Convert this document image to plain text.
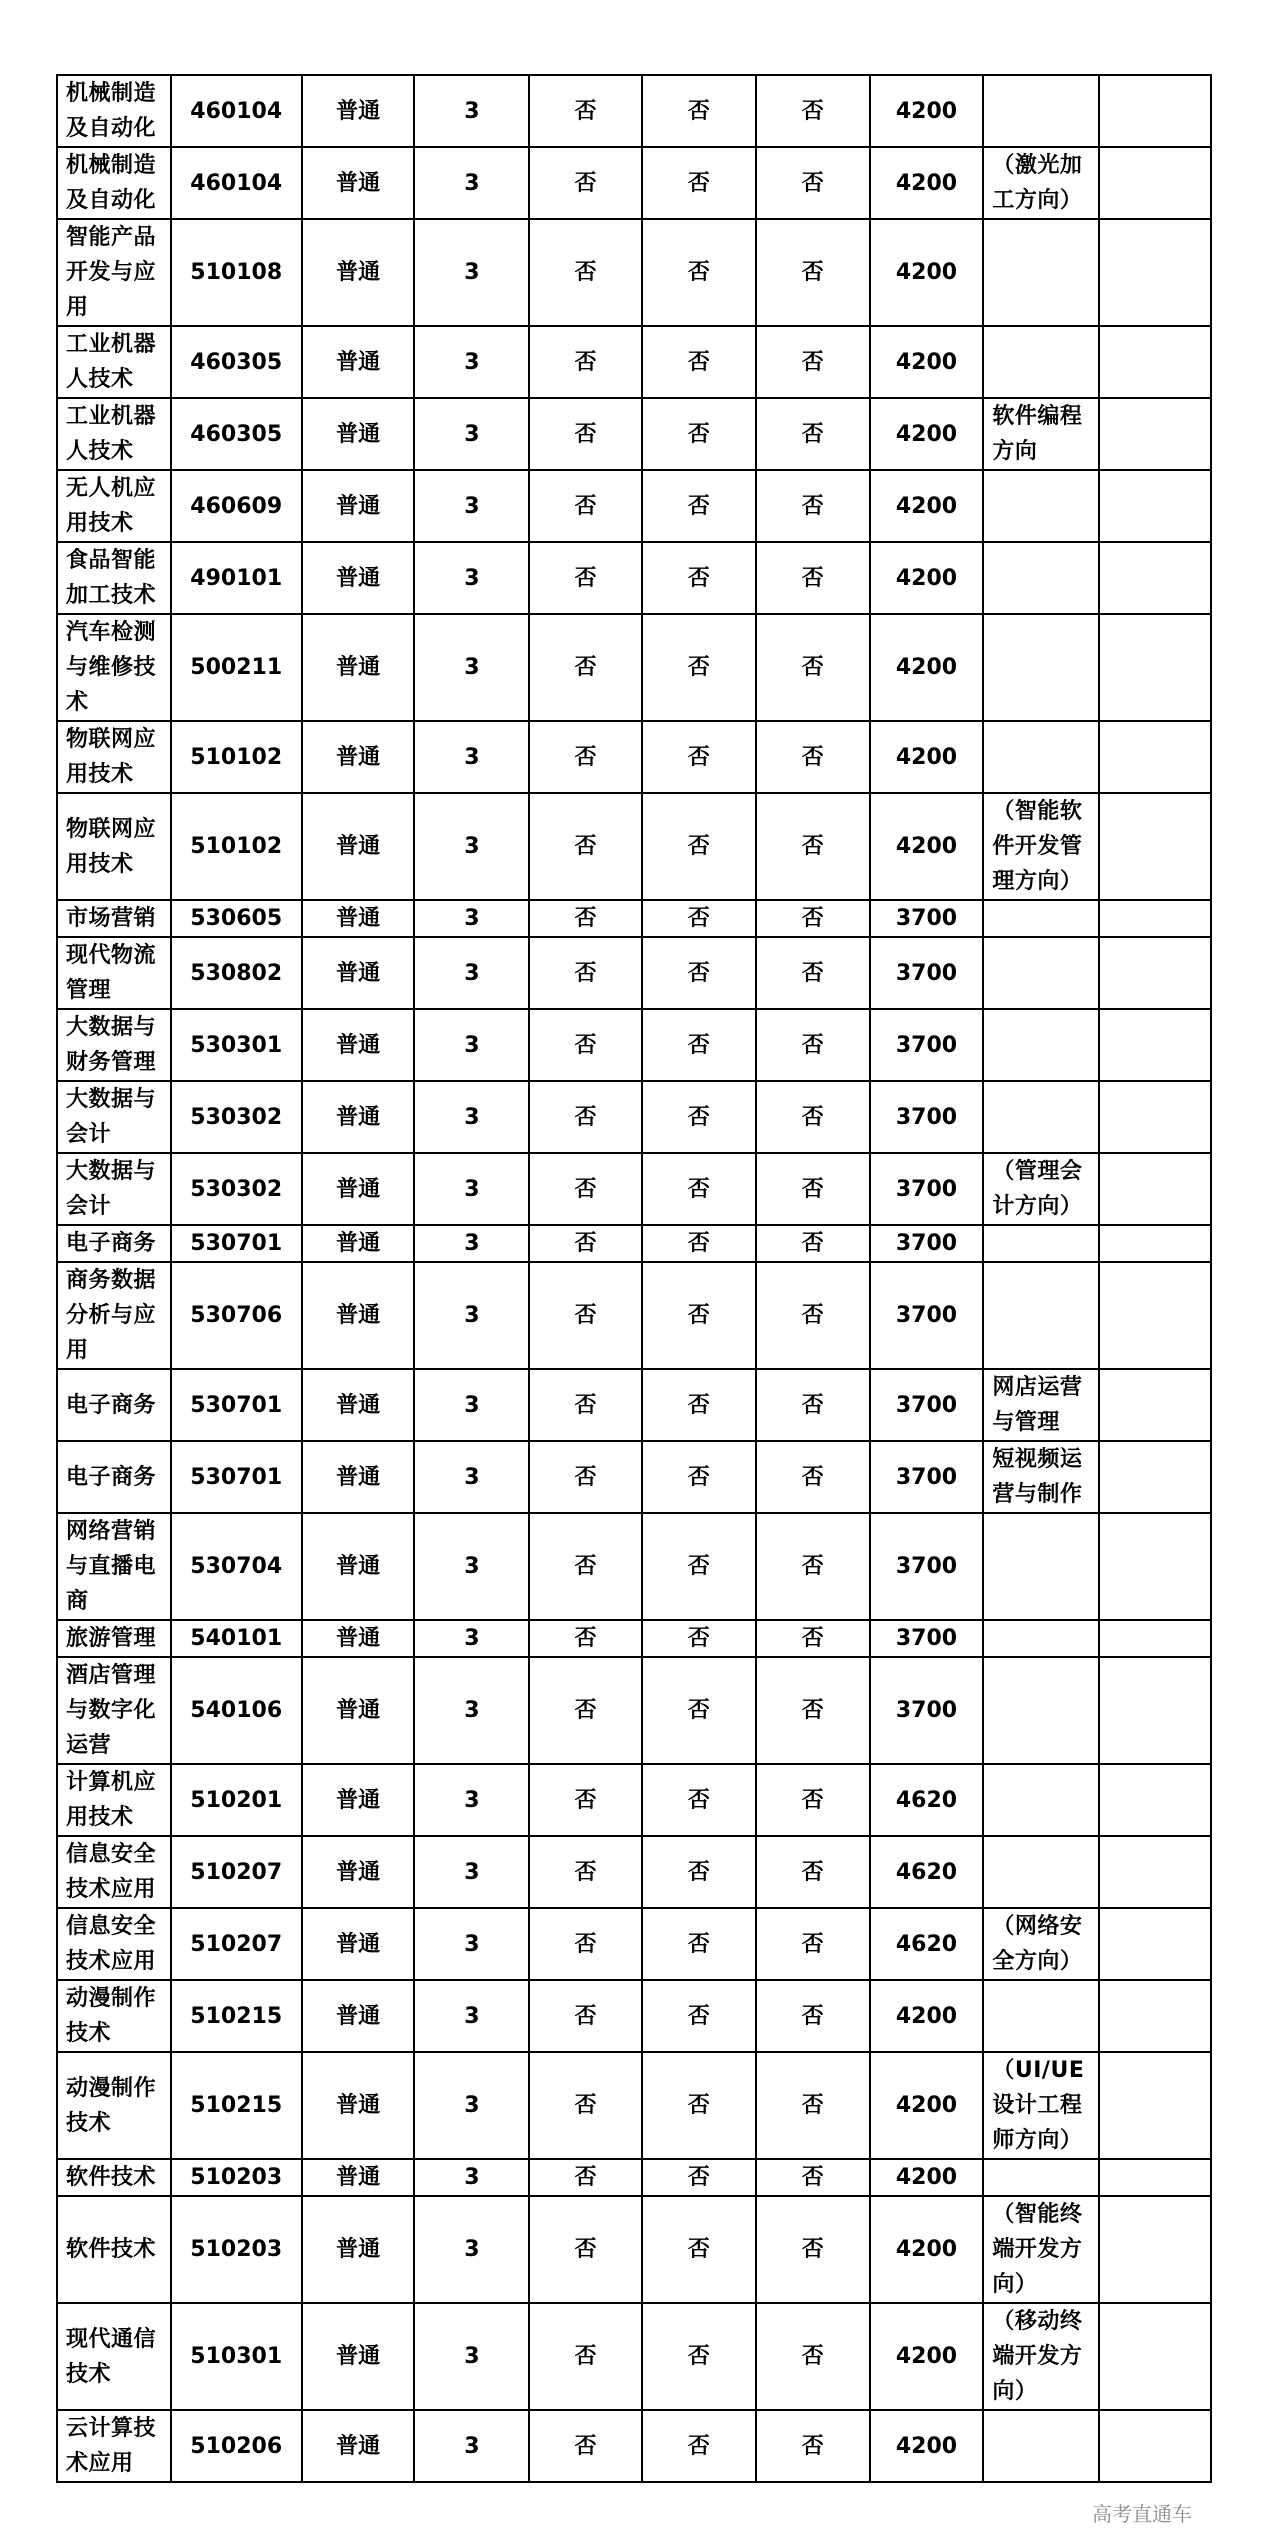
机械制造及自动化	460104	普通	3	否	否	否	4200		
机械制造及自动化	460104	普通	3	否	否	否	4200	（激光加工方向）	
智能产品开发与应用	510108	普通	3	否	否	否	4200		
工业机器人技术	460305	普通	3	否	否	否	4200		
工业机器人技术	460305	普通	3	否	否	否	4200	软件编程方向	
无人机应用技术	460609	普通	3	否	否	否	4200		
食品智能加工技术	490101	普通	3	否	否	否	4200		
汽车检测与维修技术	500211	普通	3	否	否	否	4200		
物联网应用技术	510102	普通	3	否	否	否	4200		
物联网应用技术	510102	普通	3	否	否	否	4200	（智能软件开发管理方向）	
市场营销	530605	普通	3	否	否	否	3700		
现代物流管理	530802	普通	3	否	否	否	3700		
大数据与财务管理	530301	普通	3	否	否	否	3700		
大数据与会计	530302	普通	3	否	否	否	3700		
大数据与会计	530302	普通	3	否	否	否	3700	（管理会计方向）	
电子商务	530701	普通	3	否	否	否	3700		
商务数据分析与应用	530706	普通	3	否	否	否	3700		
电子商务	530701	普通	3	否	否	否	3700	网店运营与管理	
电子商务	530701	普通	3	否	否	否	3700	短视频运营与制作	
网络营销与直播电商	530704	普通	3	否	否	否	3700		
旅游管理	540101	普通	3	否	否	否	3700		
酒店管理与数字化运营	540106	普通	3	否	否	否	3700		
计算机应用技术	510201	普通	3	否	否	否	4620		
信息安全技术应用	510207	普通	3	否	否	否	4620		
信息安全技术应用	510207	普通	3	否	否	否	4620	（网络安全方向）	
动漫制作技术	510215	普通	3	否	否	否	4200		
动漫制作技术	510215	普通	3	否	否	否	4200	（UI/UE设计工程师方向）	
软件技术	510203	普通	3	否	否	否	4200		
软件技术	510203	普通	3	否	否	否	4200	（智能终端开发方向）	
现代通信技术	510301	普通	3	否	否	否	4200	（移动终端开发方向）	
云计算技术应用	510206	普通	3	否	否	否	4200		
高考直通车
